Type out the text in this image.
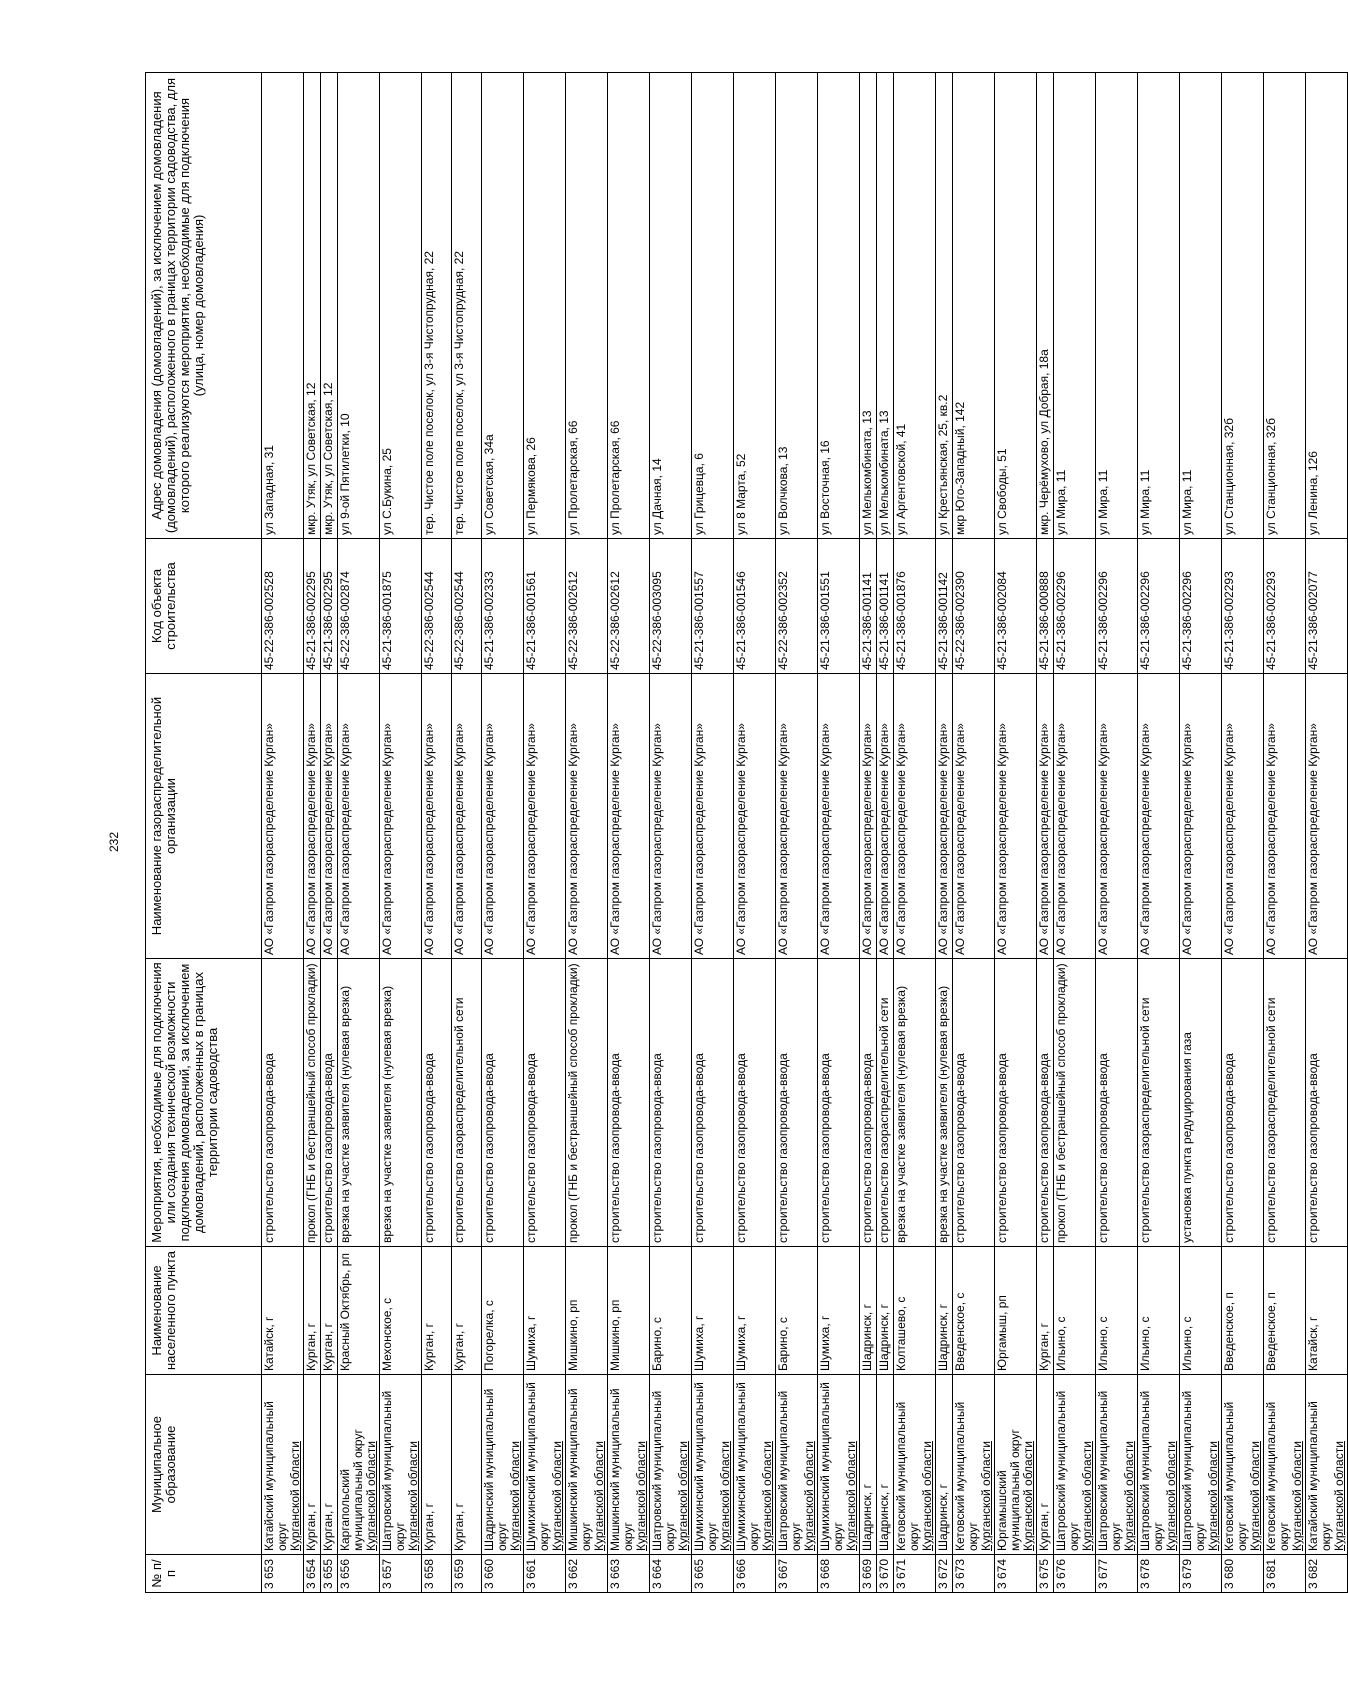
232
№ п/п	Муниципальное образование	Наименование населенного пункта	Мероприятия, необходимые для подключения или создания технической возможности подключения домовладений, за исключением домовладений, расположенных в границах территории садоводства	Наименование газораспределительной организации	Код объекта строительства	Адрес домовладения (домовладений), за исключением домовладения (домовладений), расположенного в границах территории садоводства, для которого реализуются мероприятия, необходимые для подключения (улица, номер домовладения)
3 653	Катайский муниципальный округ Курганской области	Катайск, г	строительство газопровода-ввода	АО «Газпром газораспределение Курган»	45-22-386-002528	ул Западная, 31
3 654	Курган, г	Курган, г	прокол (ГНБ и бестраншейный способ прокладки)	АО «Газпром газораспределение Курган»	45-21-386-002295	мкр. Утяк, ул Советская, 12
3 655	Курган, г	Курган, г	строительство газопровода-ввода	АО «Газпром газораспределение Курган»	45-21-386-002295	мкр. Утяк, ул Советская, 12
3 656	Каргапольский муниципальный округ Курганской области	Красный Октябрь, рп	врезка на участке заявителя (нулевая врезка)	АО «Газпром газораспределение Курган»	45-22-386-002874	ул 9-ой Пятилетки, 10
3 657	Шатровский муниципальный округ Курганской области	Мехонское, с	врезка на участке заявителя (нулевая врезка)	АО «Газпром газораспределение Курган»	45-21-386-001875	ул С.Букина, 25
3 658	Курган, г	Курган, г	строительство газопровода-ввода	АО «Газпром газораспределение Курган»	45-22-386-002544	тер. Чистое поле поселок, ул 3-я Чистопрудная, 22
3 659	Курган, г	Курган, г	строительство газораспределительной сети	АО «Газпром газораспределение Курган»	45-22-386-002544	тер. Чистое поле поселок, ул 3-я Чистопрудная, 22
3 660	Шадринский муниципальный округ Курганской области	Погорелка, с	строительство газопровода-ввода	АО «Газпром газораспределение Курган»	45-21-386-002333	ул Советская, 34а
3 661	Шумихинский муниципальный округ Курганской области	Шумиха, г	строительство газопровода-ввода	АО «Газпром газораспределение Курган»	45-21-386-001561	ул Пермякова, 26
3 662	Мишкинский муниципальный округ Курганской области	Мишкино, рп	прокол (ГНБ и бестраншейный способ прокладки)	АО «Газпром газораспределение Курган»	45-22-386-002612	ул Пролетарская, 66
3 663	Мишкинский муниципальный округ Курганской области	Мишкино, рп	строительство газопровода-ввода	АО «Газпром газораспределение Курган»	45-22-386-002612	ул Пролетарская, 66
3 664	Шатровский муниципальный округ Курганской области	Барино, с	строительство газопровода-ввода	АО «Газпром газораспределение Курган»	45-22-386-003095	ул Дачная, 14
3 665	Шумихинский муниципальный округ Курганской области	Шумиха, г	строительство газопровода-ввода	АО «Газпром газораспределение Курган»	45-21-386-001557	ул Грицевца, 6
3 666	Шумихинский муниципальный округ Курганской области	Шумиха, г	строительство газопровода-ввода	АО «Газпром газораспределение Курган»	45-21-386-001546	ул 8 Марта, 52
3 667	Шатровский муниципальный округ Курганской области	Барино, с	строительство газопровода-ввода	АО «Газпром газораспределение Курган»	45-22-386-002352	ул Волчкова, 13
3 668	Шумихинский муниципальный округ Курганской области	Шумиха, г	строительство газопровода-ввода	АО «Газпром газораспределение Курган»	45-21-386-001551	ул Восточная, 16
3 669	Шадринск, г	Шадринск, г	строительство газопровода-ввода	АО «Газпром газораспределение Курган»	45-21-386-001141	ул Мелькомбината, 13
3 670	Шадринск, г	Шадринск, г	строительство газораспределительной сети	АО «Газпром газораспределение Курган»	45-21-386-001141	ул Мелькомбината, 13
3 671	Кетовский муниципальный округ Курганской области	Колташево, с	врезка на участке заявителя (нулевая врезка)	АО «Газпром газораспределение Курган»	45-21-386-001876	ул Аргентовской, 41
3 672	Шадринск, г	Шадринск, г	врезка на участке заявителя (нулевая врезка)	АО «Газпром газораспределение Курган»	45-21-386-001142	ул Крестьянская, 25, кв.2
3 673	Кетовский муниципальный округ Курганской области	Введенское, с	строительство газопровода-ввода	АО «Газпром газораспределение Курган»	45-22-386-002390	мкр Юго-Западный, 142
3 674	Юргамышский муниципальный округ Курганской области	Юргамыш, рп	строительство газопровода-ввода	АО «Газпром газораспределение Курган»	45-21-386-002084	ул Свободы, 51
3 675	Курган, г	Курган, г	строительство газопровода-ввода	АО «Газпром газораспределение Курган»	45-21-386-000888	мкр. Черёмухово, ул Добрая, 18а
3 676	Шатровский муниципальный округ Курганской области	Ильино, с	прокол (ГНБ и бестраншейный способ прокладки)	АО «Газпром газораспределение Курган»	45-21-386-002296	ул Мира, 11
3 677	Шатровский муниципальный округ Курганской области	Ильино, с	строительство газопровода-ввода	АО «Газпром газораспределение Курган»	45-21-386-002296	ул Мира, 11
3 678	Шатровский муниципальный округ Курганской области	Ильино, с	строительство газораспределительной сети	АО «Газпром газораспределение Курган»	45-21-386-002296	ул Мира, 11
3 679	Шатровский муниципальный округ Курганской области	Ильино, с	установка пункта редуцирования газа	АО «Газпром газораспределение Курган»	45-21-386-002296	ул Мира, 11
3 680	Кетовский муниципальный округ Курганской области	Введенское, п	строительство газопровода-ввода	АО «Газпром газораспределение Курган»	45-21-386-002293	ул Станционная, 32б
3 681	Кетовский муниципальный округ Курганской области	Введенское, п	строительство газораспределительной сети	АО «Газпром газораспределение Курган»	45-21-386-002293	ул Станционная, 32б
3 682	Катайский муниципальный округ Курганской области	Катайск, г	строительство газопровода-ввода	АО «Газпром газораспределение Курган»	45-21-386-002077	ул Ленина, 126
